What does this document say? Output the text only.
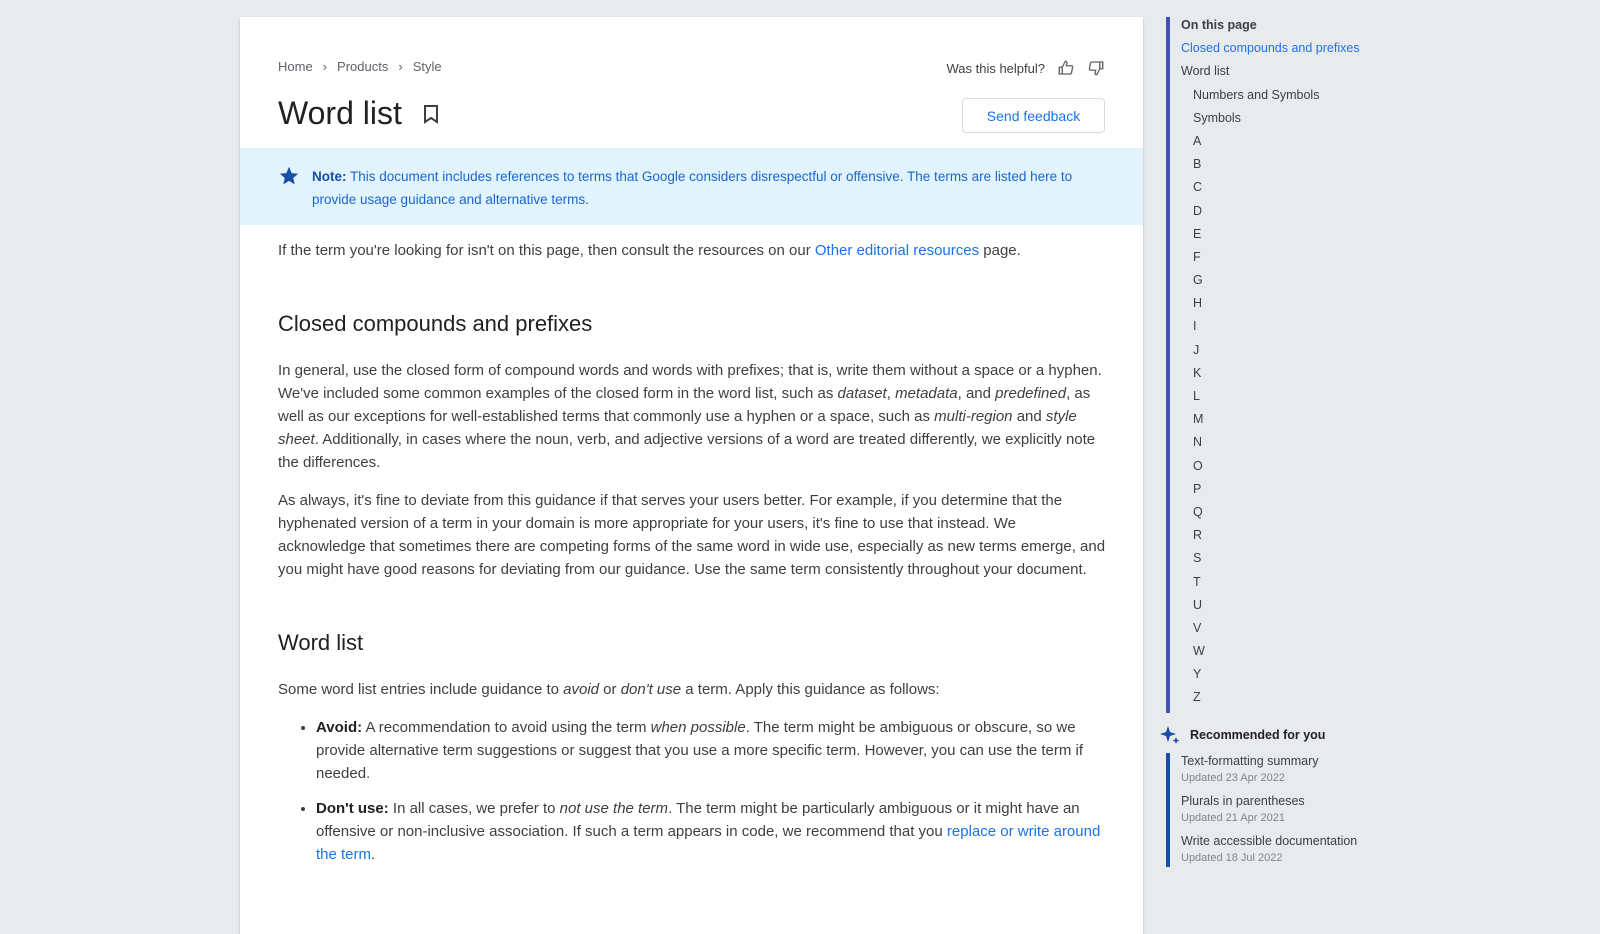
Home › Products › Style	Was this helpful?
Word list	Send feedback
Note: This document includes references to terms that Google considers disrespectful or offensive. The terms are listed here to provide usage guidance and alternative terms.

If the term you're looking for isn't on this page, then consult the resources on our Other editorial resources page.

Closed compounds and prefixes

In general, use the closed form of compound words and words with prefixes; that is, write them without a space or a hyphen. We've included some common examples of the closed form in the word list, such as dataset, metadata, and predefined, as well as our exceptions for well-established terms that commonly use a hyphen or a space, such as multi-region and style sheet. Additionally, in cases where the noun, verb, and adjective versions of a word are treated differently, we explicitly note the differences.

As always, it's fine to deviate from this guidance if that serves your users better. For example, if you determine that the hyphenated version of a term in your domain is more appropriate for your users, it's fine to use that instead. We acknowledge that sometimes there are competing forms of the same word in wide use, especially as new terms emerge, and you might have good reasons for deviating from our guidance. Use the same term consistently throughout your document.

Word list

Some word list entries include guidance to avoid or don't use a term. Apply this guidance as follows:

• Avoid: A recommendation to avoid using the term when possible. The term might be ambiguous or obscure, so we provide alternative term suggestions or suggest that you use a more specific term. However, you can use the term if needed.
• Don't use: In all cases, we prefer to not use the term. The term might be particularly ambiguous or it might have an offensive or non-inclusive association. If such a term appears in code, we recommend that you replace or write around the term.
On this page
Closed compounds and prefixes
Word list
Numbers and Symbols
Symbols
A
B
C
D
E
F
G
H
I
J
K
L
M
N
O
P
Q
R
S
T
U
V
W
Y
Z
Recommended for you
Text-formatting summary
Updated 23 Apr 2022
Plurals in parentheses
Updated 21 Apr 2021
Write accessible documentation
Updated 18 Jul 2022
